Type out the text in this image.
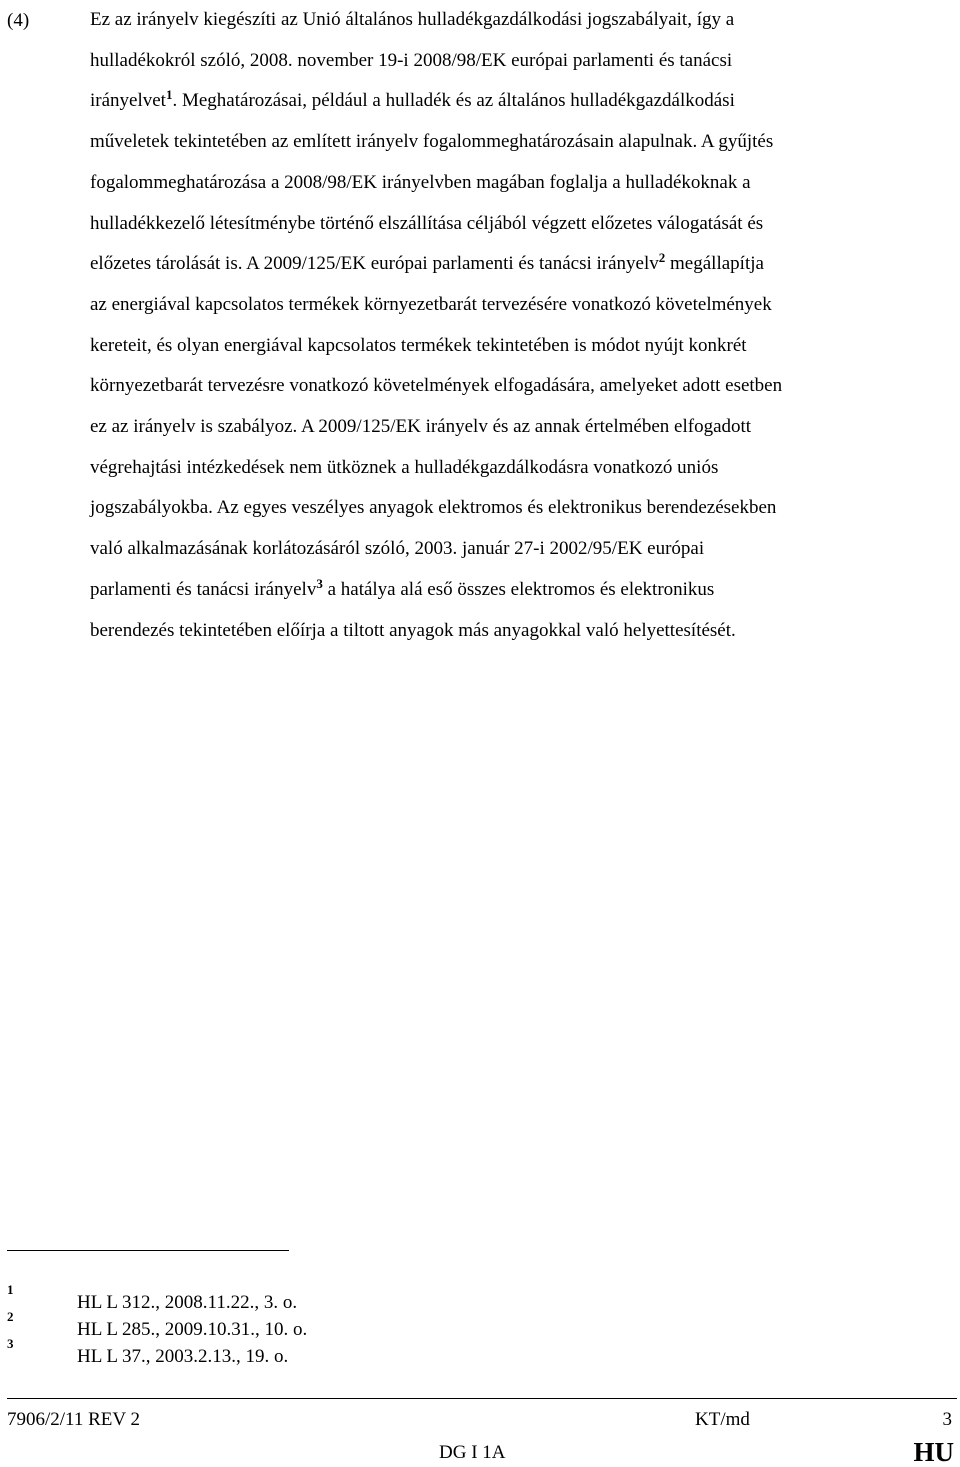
(4)	Ez az irányelv kiegészíti az Unió általános hulladékgazdálkodási jogszabályait, így a
hulladékokról szóló, 2008. november 19-i 2008/98/EK európai parlamenti és tanácsi
irányelvet$^1$. Meghatározásai, például a hulladék és az általános hulladékgazdálkodási
műveletek tekintetében az említett irányelv fogalommeghatározásain alapulnak. A gyűjtés
fogalommeghatározása a 2008/98/EK irányelvben magában foglalja a hulladékoknak a
hulladékkezelő létesítménybe történő elszállítása céljából végzett előzetes válogatását és
előzetes tárolását is. A 2009/125/EK európai parlamenti és tanácsi irányelv$^2$ megállapítja
az energiával kapcsolatos termékek környezetbarát tervezésére vonatkozó követelmények
kereteit, és olyan energiával kapcsolatos termékek tekintetében is módot nyújt konkrét
környezetbarát tervezésre vonatkozó követelmények elfogadására, amelyeket adott esetben
ez az irányelv is szabályoz. A 2009/125/EK irányelv és az annak értelmében elfogadott
végrehajtási intézkedések nem ütköznek a hulladékgazdálkodásra vonatkozó uniós
jogszabályokba. Az egyes veszélyes anyagok elektromos és elektronikus berendezésekben
való alkalmazásának korlátozásáról szóló, 2003. január 27-i 2002/95/EK európai
parlamenti és tanácsi irányelv$^3$ a hatálya alá eső összes elektromos és elektronikus
berendezés tekintetében előírja a tiltott anyagok más anyagokkal való helyettesítését.
1
HL L 312., 2008.11.22., 3. o.
2
HL L 285., 2009.10.31., 10. o.
3
HL L 37., 2003.2.13., 19. o.
7906/2/11 REV 2	KT/md	3
DG I 1A	HU
